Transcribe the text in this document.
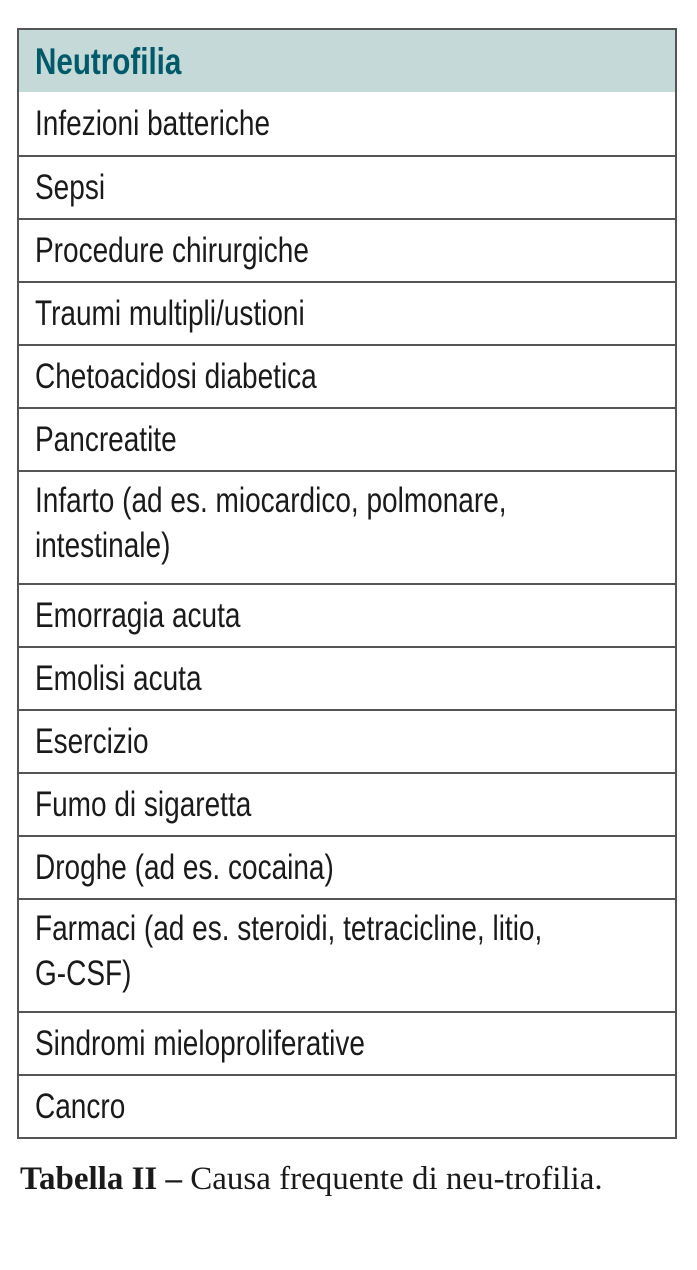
Neutrofilia
Infezioni batteriche
Sepsi
Procedure chirurgiche
Traumi multipli/ustioni
Chetoacidosi diabetica
Pancreatite
Infarto (ad es. miocardico, polmonare,intestinale)
Emorragia acuta
Emolisi acuta
Esercizio
Fumo di sigaretta
Droghe (ad es. cocaina)
Farmaci (ad es. steroidi, tetracicline, litio,G-CSF)
Sindromi mieloproliferative
Cancro
Tabella II – Causa frequente di neu-trofilia.
